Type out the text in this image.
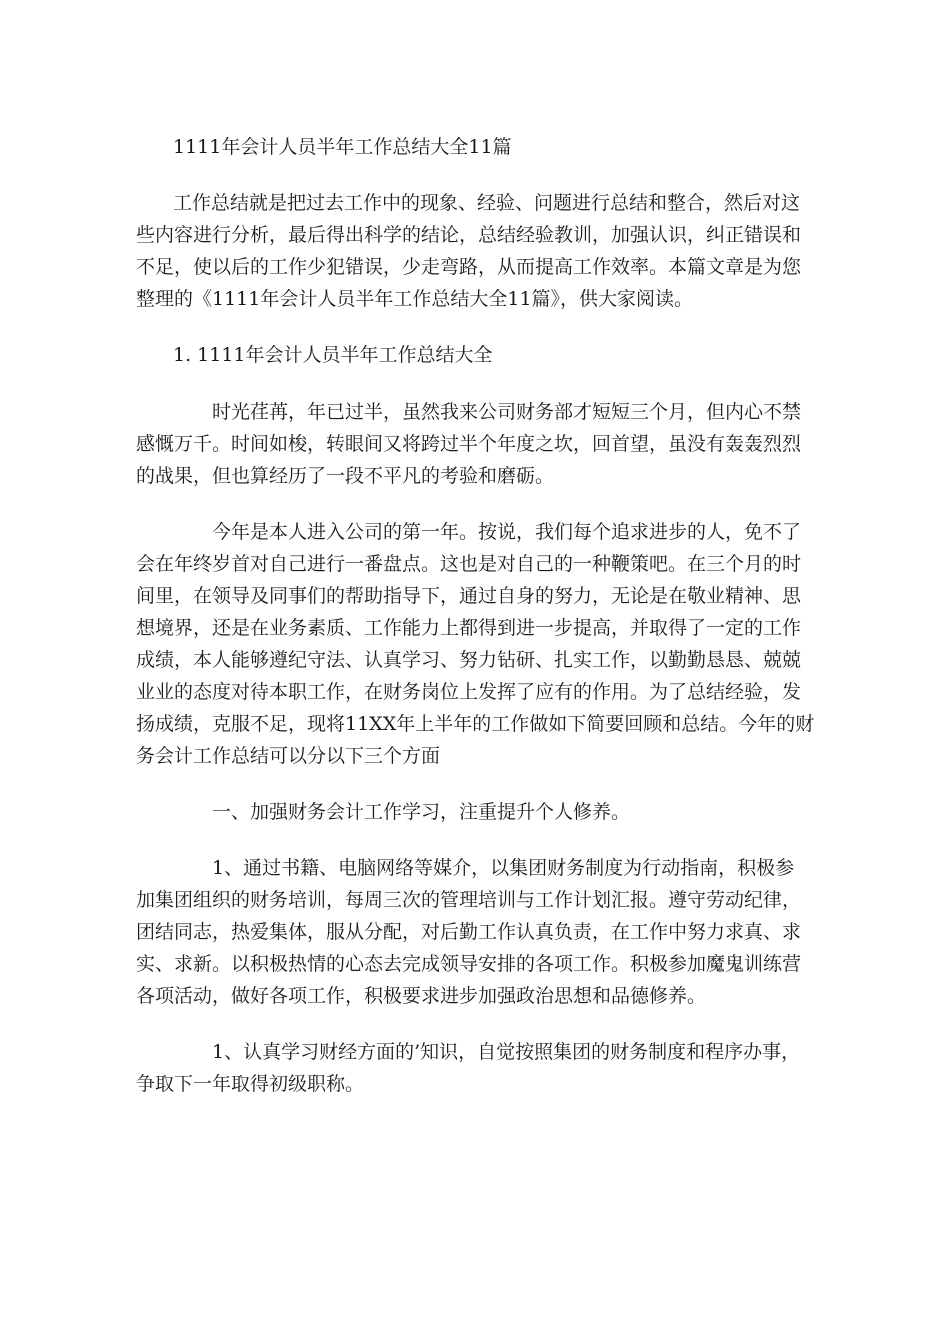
1111年会计人员半年工作总结大全11篇

工作总结就是把过去工作中的现象、经验、问题进行总结和整合，然后对这

些内容进行分析，最后得出科学的结论，总结经验教训，加强认识，纠正错误和

不足，使以后的工作少犯错误，少走弯路，从而提高工作效率。本篇文章是为您

整理的《1111年会计人员半年工作总结大全11篇》，供大家阅读。

1. 1111年会计人员半年工作总结大全

时光荏苒，年已过半，虽然我来公司财务部才短短三个月，但内心不禁

感慨万千。时间如梭，转眼间又将跨过半个年度之坎，回首望，虽没有轰轰烈烈

的战果，但也算经历了一段不平凡的考验和磨砺。

今年是本人进入公司的第一年。按说，我们每个追求进步的人，免不了

会在年终岁首对自己进行一番盘点。这也是对自己的一种鞭策吧。在三个月的时

间里，在领导及同事们的帮助指导下，通过自身的努力，无论是在敬业精神、思

想境界，还是在业务素质、工作能力上都得到进一步提高，并取得了一定的工作

成绩，本人能够遵纪守法、认真学习、努力钻研、扎实工作，以勤勤恳恳、兢兢

业业的态度对待本职工作，在财务岗位上发挥了应有的作用。为了总结经验，发

扬成绩，克服不足，现将11XX年上半年的工作做如下简要回顾和总结。今年的财

务会计工作总结可以分以下三个方面

一、加强财务会计工作学习，注重提升个人修养。

1、通过书籍、电脑网络等媒介，以集团财务制度为行动指南，积极参

加集团组织的财务培训，每周三次的管理培训与工作计划汇报。遵守劳动纪律，

团结同志，热爱集体，服从分配，对后勤工作认真负责，在工作中努力求真、求

实、求新。以积极热情的心态去完成领导安排的各项工作。积极参加魔鬼训练营

各项活动，做好各项工作，积极要求进步加强政治思想和品德修养。

1、认真学习财经方面的’知识，自觉按照集团的财务制度和程序办事，

争取下一年取得初级职称。
